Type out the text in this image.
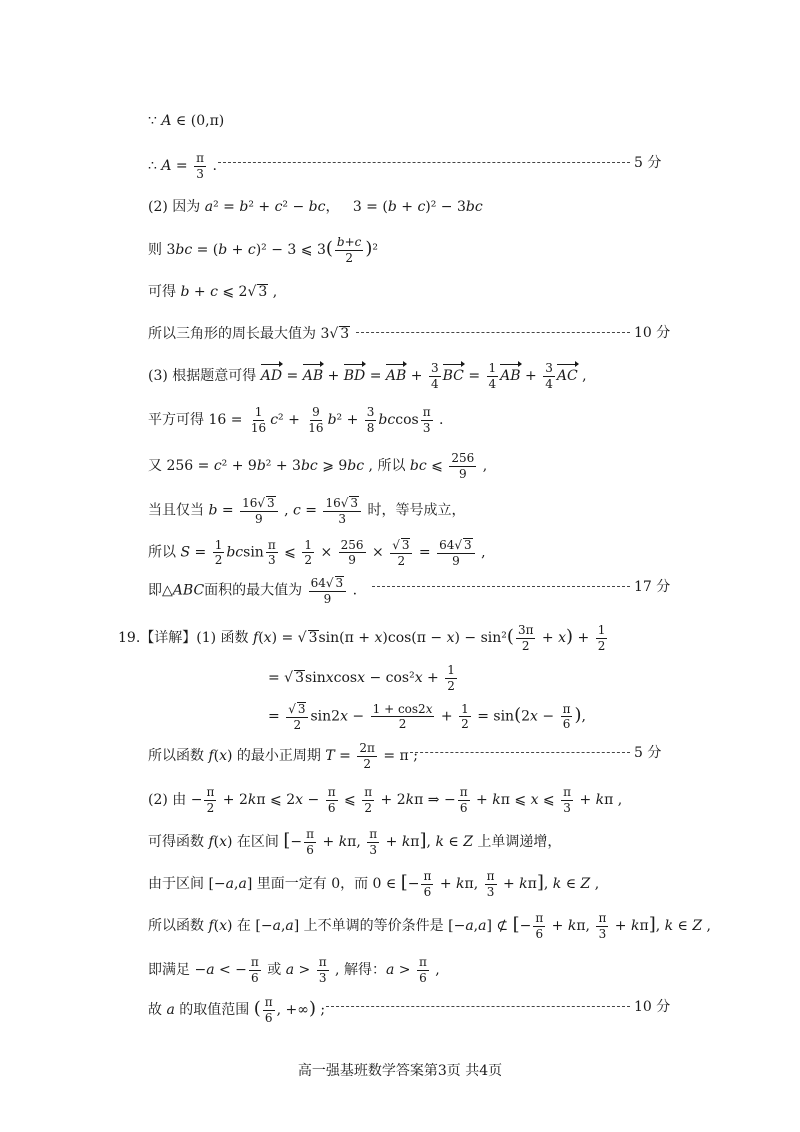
∵ A ∈ (0,π)
∴ $A = \frac{\pi}{3}$ .	5 分
(2) 因为 a² = b² + c² − bc，   3 = (b + c)² − 3bc
则 3bc = (b + c)² − 3 ⩽ $3( \frac{b+c}{2} )^2$
可得 b + c ⩽ 2√ 3 ,
所以三角形的周长最大值为 3√ 3	10 分
(3) 根据题意可得 AD = AB + BD = AB + $\frac{3}{4}$ BC = $\frac{1}{4}$ AB + $\frac{3}{4}$ AC ,
平方可得 $16 = \frac{1}{16} c^2 + \frac{9}{16} b^2 + \frac{3}{8}$ bccos $\frac{\pi}{3}$ .
又 256 = c² + 9b² + 3bc ⩾ 9bc , 所以 bc ⩽ $\frac{256}{9}$ ,
当且仅当 $b = \frac{16√ 3}{9}$ , $c = \frac{16√ 3}{3}$ 时，等号成立，
所以 $S = \frac{1}{2}$ bcsin $\frac{\pi}{3}$ ⩽ $\frac{1}{2} \times \frac{256}{9} \times \frac{√ 3}{2} = \frac{64√ 3}{9}$ ,
即△ABC面积的最大值为 $\frac{64√ 3}{9}$ .	17 分
19.【详解】(1) 函数 f(x) = √ $3\sin(\pi + x)\cos(\pi - x) - \sin^2( \frac{3\pi}{2} + x) + \frac{1}{2}$
= √ 3sinxcosx − $\cos^2x + \frac{1}{2}$
= $\frac{√ 3}{2} \sin 2x - \frac{1 + \cos 2x}{2} + \frac{1}{2} = \sin(2x - \frac{\pi}{6}$ ),
所以函数 f(x) 的最小正周期 $T = \frac{2\pi}{2} = \pi$ ;	5 分
(2) 由 − $\frac{\pi}{2} + 2k\pi$ ⩽ $2x - \frac{\pi}{6}$ ⩽ $\frac{\pi}{2} + 2k\pi$ ⇒ − $\frac{\pi}{6} + k\pi$ ⩽ x ⩽ $\frac{\pi}{3} + k\pi$ ,
可得函数 f(x) 在区间 [− $\frac{\pi}{6} + k\pi$, $\frac{\pi}{3} + k\pi$], k ∈ Z 上单调递增，
由于区间 [−a,a] 里面一定有 0，而 0 ∈ [− $\frac{\pi}{6} + k\pi$, $\frac{\pi}{3} + k\pi$], k ∈ Z ,
所以函数 f(x) 在 [−a,a] 上不单调的等价条件是 [−a,a] ⊄ [− $\frac{\pi}{6} + k\pi$, $\frac{\pi}{3} + k\pi$], k ∈ Z ,
即满足 −a < − $\frac{\pi}{6}$ 或 $a > \frac{\pi}{3}$ , 解得：$a > \frac{\pi}{6}$ ,
故 a 的取值范围 ( $\frac{\pi}{6}$ , +∞) ;	10 分
高一强基班数学答案第3页 共4页
